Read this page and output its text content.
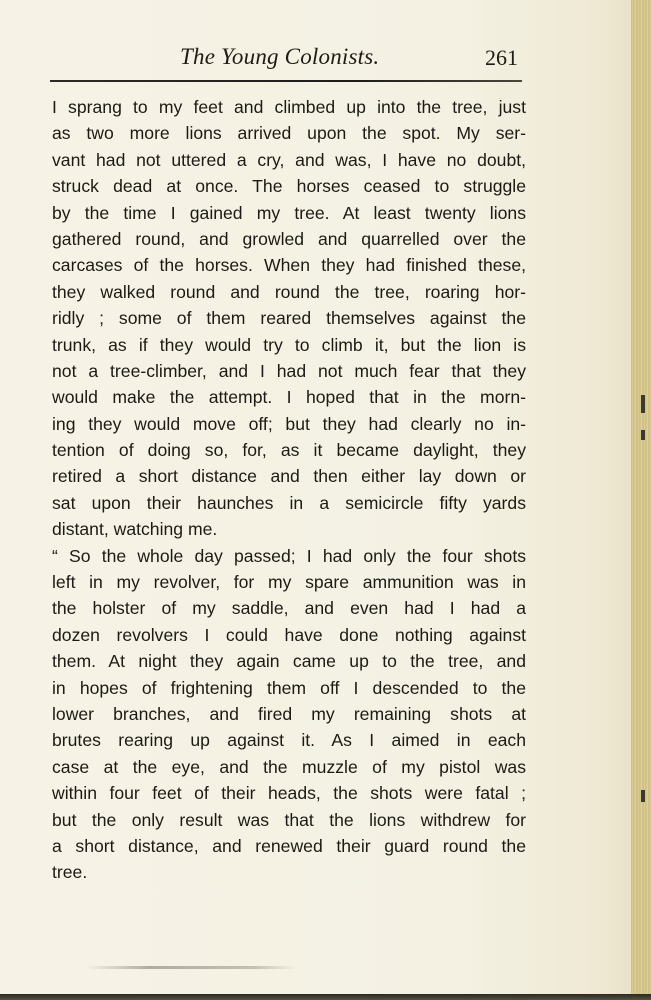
The Young Colonists.	261
I sprang to my feet and climbed up into the tree, just
as two more lions arrived upon the spot. My ser-
vant had not uttered a cry, and was, I have no doubt,
struck dead at once. The horses ceased to struggle
by the time I gained my tree. At least twenty lions
gathered round, and growled and quarrelled over the
carcases of the horses. When they had finished these,
they walked round and round the tree, roaring hor-
ridly ; some of them reared themselves against the
trunk, as if they would try to climb it, but the lion is
not a tree-climber, and I had not much fear that they
would make the attempt. I hoped that in the morn-
ing they would move off; but they had clearly no in-
tention of doing so, for, as it became daylight, they
retired a short distance and then either lay down or
sat upon their haunches in a semicircle fifty yards
distant, watching me.
“ So the whole day passed; I had only the four shots
left in my revolver, for my spare ammunition was in
the holster of my saddle, and even had I had a
dozen revolvers I could have done nothing against
them. At night they again came up to the tree, and
in hopes of frightening them off I descended to the
lower branches, and fired my remaining shots at
brutes rearing up against it. As I aimed in each
case at the eye, and the muzzle of my pistol was
within four feet of their heads, the shots were fatal ;
but the only result was that the lions withdrew for
a short distance, and renewed their guard round the
tree.
